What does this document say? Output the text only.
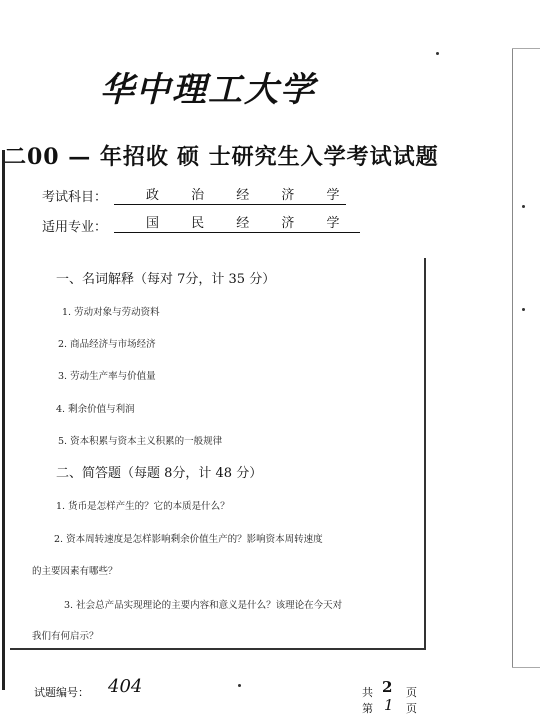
华中理工大学
二00 — 年招收 硕 士研究生入学考试试题
考试科目：	政 治 经 济 学
适用专业：	国 民 经 济 学
一、名词解释（每对 7分，计 35 分）
1. 劳动对象与劳动资料
2. 商品经济与市场经济
3. 劳动生产率与价值量
4. 剩余价值与利润
5. 资本积累与资本主义积累的一般规律
二、简答题（每题 8分，计 48 分）
1. 货币是怎样产生的？它的本质是什么？
2. 资本周转速度是怎样影响剩余价值生产的？影响资本周转速度
的主要因素有哪些？
3. 社会总产品实现理论的主要内容和意义是什么？该理论在今天对
我们有何启示？
试题编号： 404	共 2 页
第 1 页
